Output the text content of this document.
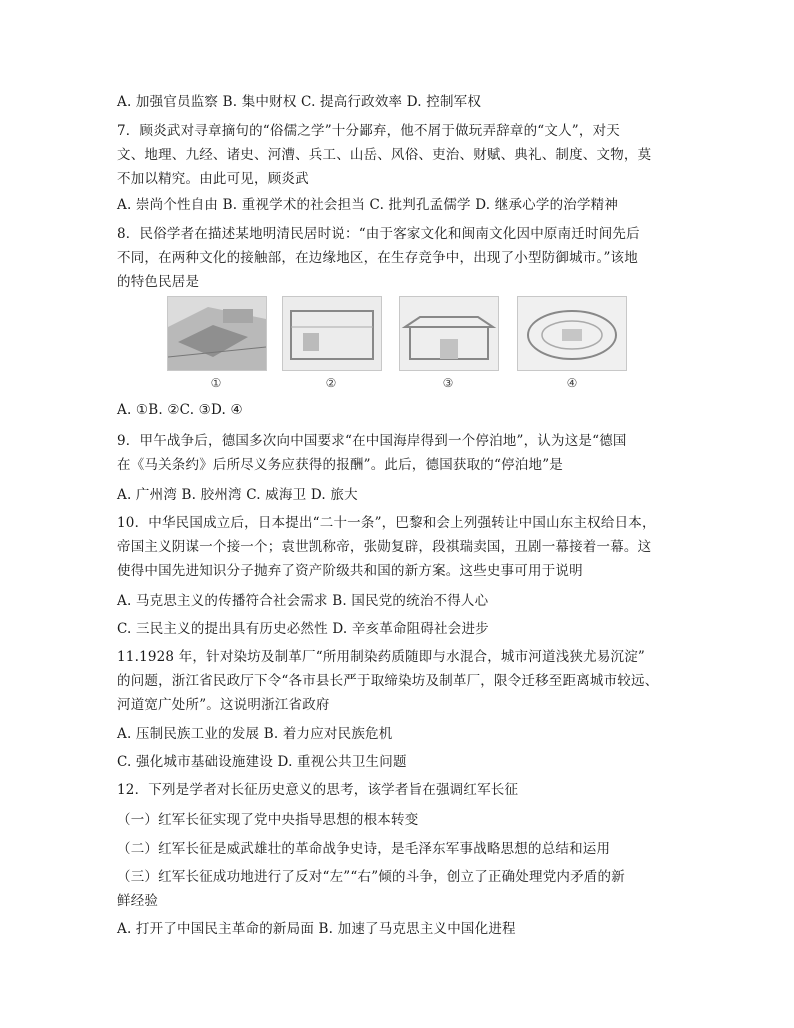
A. 加强官员监察 B. 集中财权 C. 提高行政效率 D. 控制军权
7．顾炎武对寻章摘句的“俗儒之学”十分鄙弃，他不屑于做玩弄辞章的“文人”，对天
文、地理、九经、诸史、河漕、兵工、山岳、风俗、吏治、财赋、典礼、制度、文物，莫
不加以精究。由此可见，顾炎武
A. 崇尚个性自由 B. 重视学术的社会担当 C. 批判孔孟儒学 D. 继承心学的治学精神
8．民俗学者在描述某地明清民居时说：“由于客家文化和闽南文化因中原南迁时间先后
不同，在两种文化的接触部，在边缘地区，在生存竞争中，出现了小型防御城市。”该地
的特色民居是
①	②	③	④
A. ①B. ②C. ③D. ④
9．甲午战争后，德国多次向中国要求“在中国海岸得到一个停泊地”，认为这是“德国
在《马关条约》后所尽义务应获得的报酬”。此后，德国获取的“停泊地”是
A. 广州湾 B. 胶州湾 C. 威海卫 D. 旅大
10．中华民国成立后，日本提出“二十一条”，巴黎和会上列强转让中国山东主权给日本，
帝国主义阴谋一个接一个；袁世凯称帝，张勋复辟，段祺瑞卖国，丑剧一幕接着一幕。这
使得中国先进知识分子抛弃了资产阶级共和国的新方案。这些史事可用于说明
A. 马克思主义的传播符合社会需求 B. 国民党的统治不得人心
C. 三民主义的提出具有历史必然性 D. 辛亥革命阻碍社会进步
11.1928 年，针对染坊及制革厂“所用制染药质随即与水混合，城市河道浅狭尤易沉淀”
的问题，浙江省民政厅下令“各市县长严于取缔染坊及制革厂，限令迁移至距离城市较远、
河道宽广处所”。这说明浙江省政府
A. 压制民族工业的发展 B. 着力应对民族危机
C. 强化城市基础设施建设 D. 重视公共卫生问题
12．下列是学者对长征历史意义的思考，该学者旨在强调红军长征
（一）红军长征实现了党中央指导思想的根本转变
（二）红军长征是威武雄壮的革命战争史诗，是毛泽东军事战略思想的总结和运用
（三）红军长征成功地进行了反对“左”“右”倾的斗争，创立了正确处理党内矛盾的新
鲜经验
A. 打开了中国民主革命的新局面 B. 加速了马克思主义中国化进程
